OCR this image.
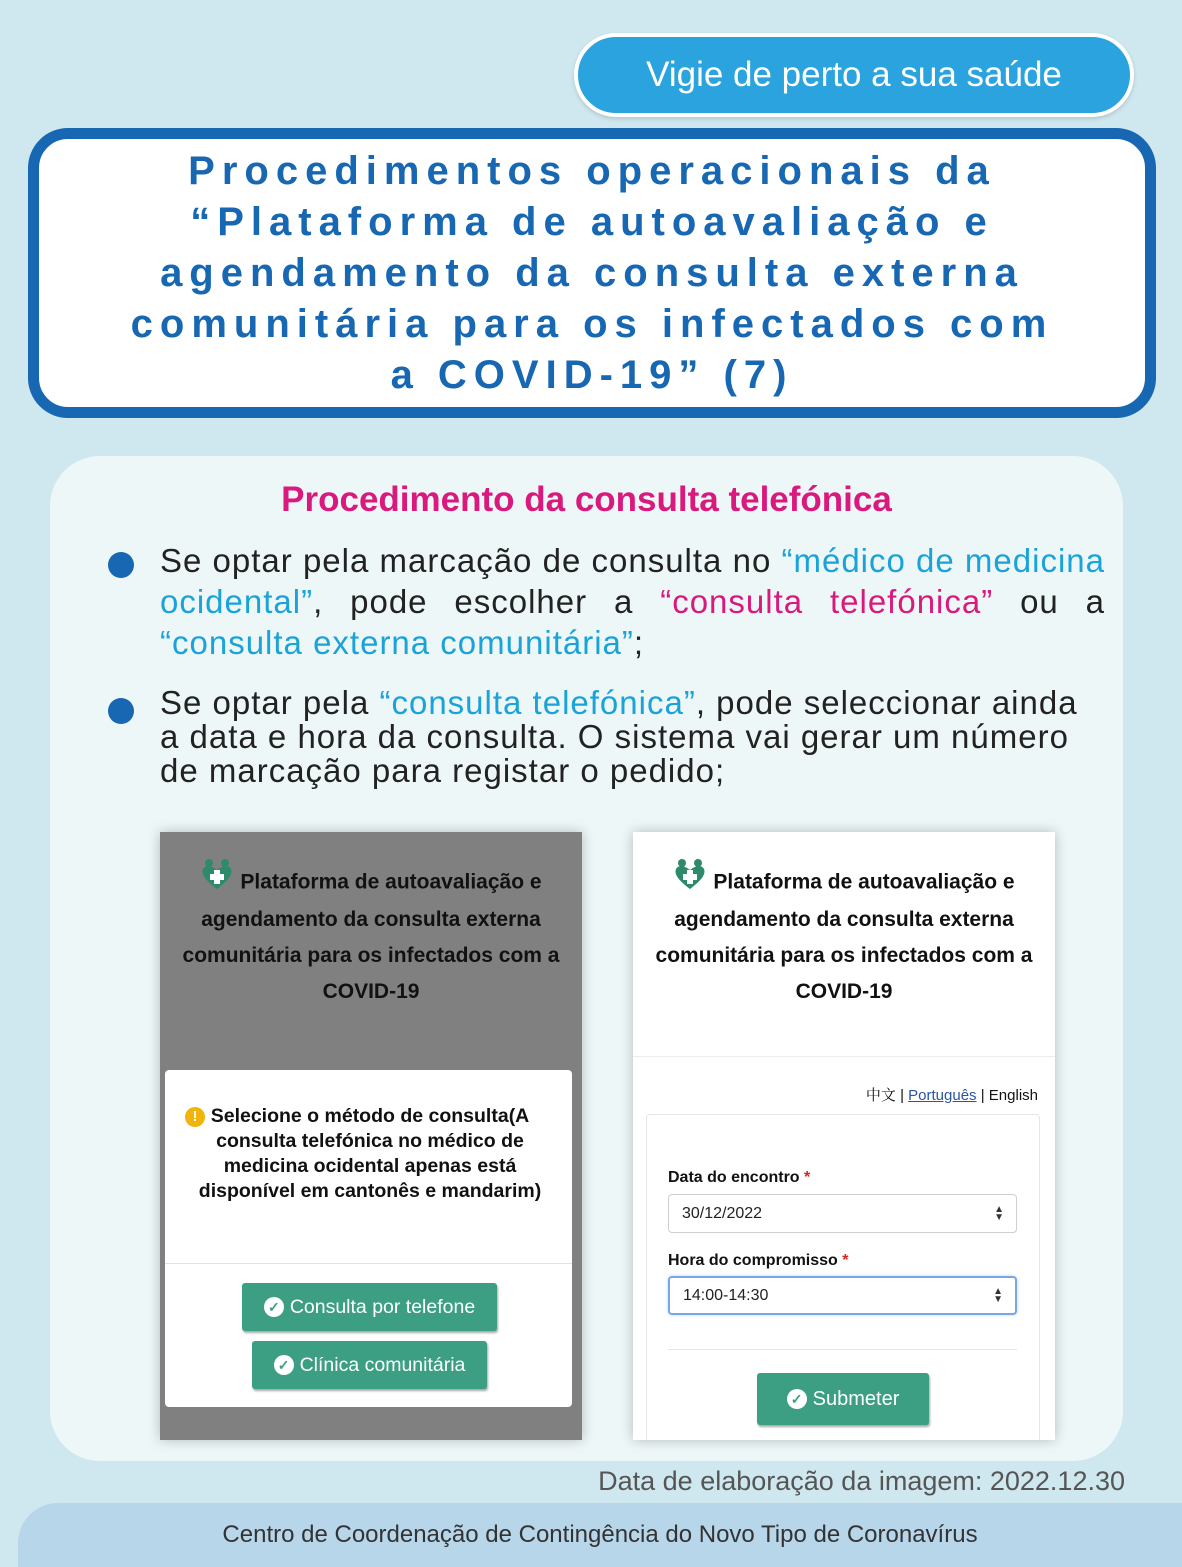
Vigie de perto a sua saúde
Procedimentos operacionais da
“Plataforma de autoavaliação e
agendamento da consulta externa
comunitária para os infectados com
a COVID-19” (7)
Procedimento da consulta telefónica
Se optar pela marcação de consulta no “médico de medicina ocidental”, pode escolher a “consulta telefónica” ou a “consulta externa comunitária”;
Se optar pela “consulta telefónica”, pode seleccionar ainda a data e hora da consulta. O sistema vai gerar um número de marcação para registar o pedido;
Plataforma de autoavaliação e
agendamento da consulta externa comunitária para os infectados com a COVID-19
! Selecione o método de consulta(A consulta telefónica no médico de medicina ocidental apenas está disponível em cantonês e mandarim)
✓ Consulta por telefone
✓ Clínica comunitária
Plataforma de autoavaliação e
agendamento da consulta externa comunitária para os infectados com a COVID-19
中文 | Português | English
Data do encontro *
30/12/2022	▲
▼
Hora do compromisso *
14:00-14:30	▲
▼
✓ Submeter
Data de elaboração da imagem: 2022.12.30
Centro de Coordenação de Contingência do Novo Tipo de Coronavírus
